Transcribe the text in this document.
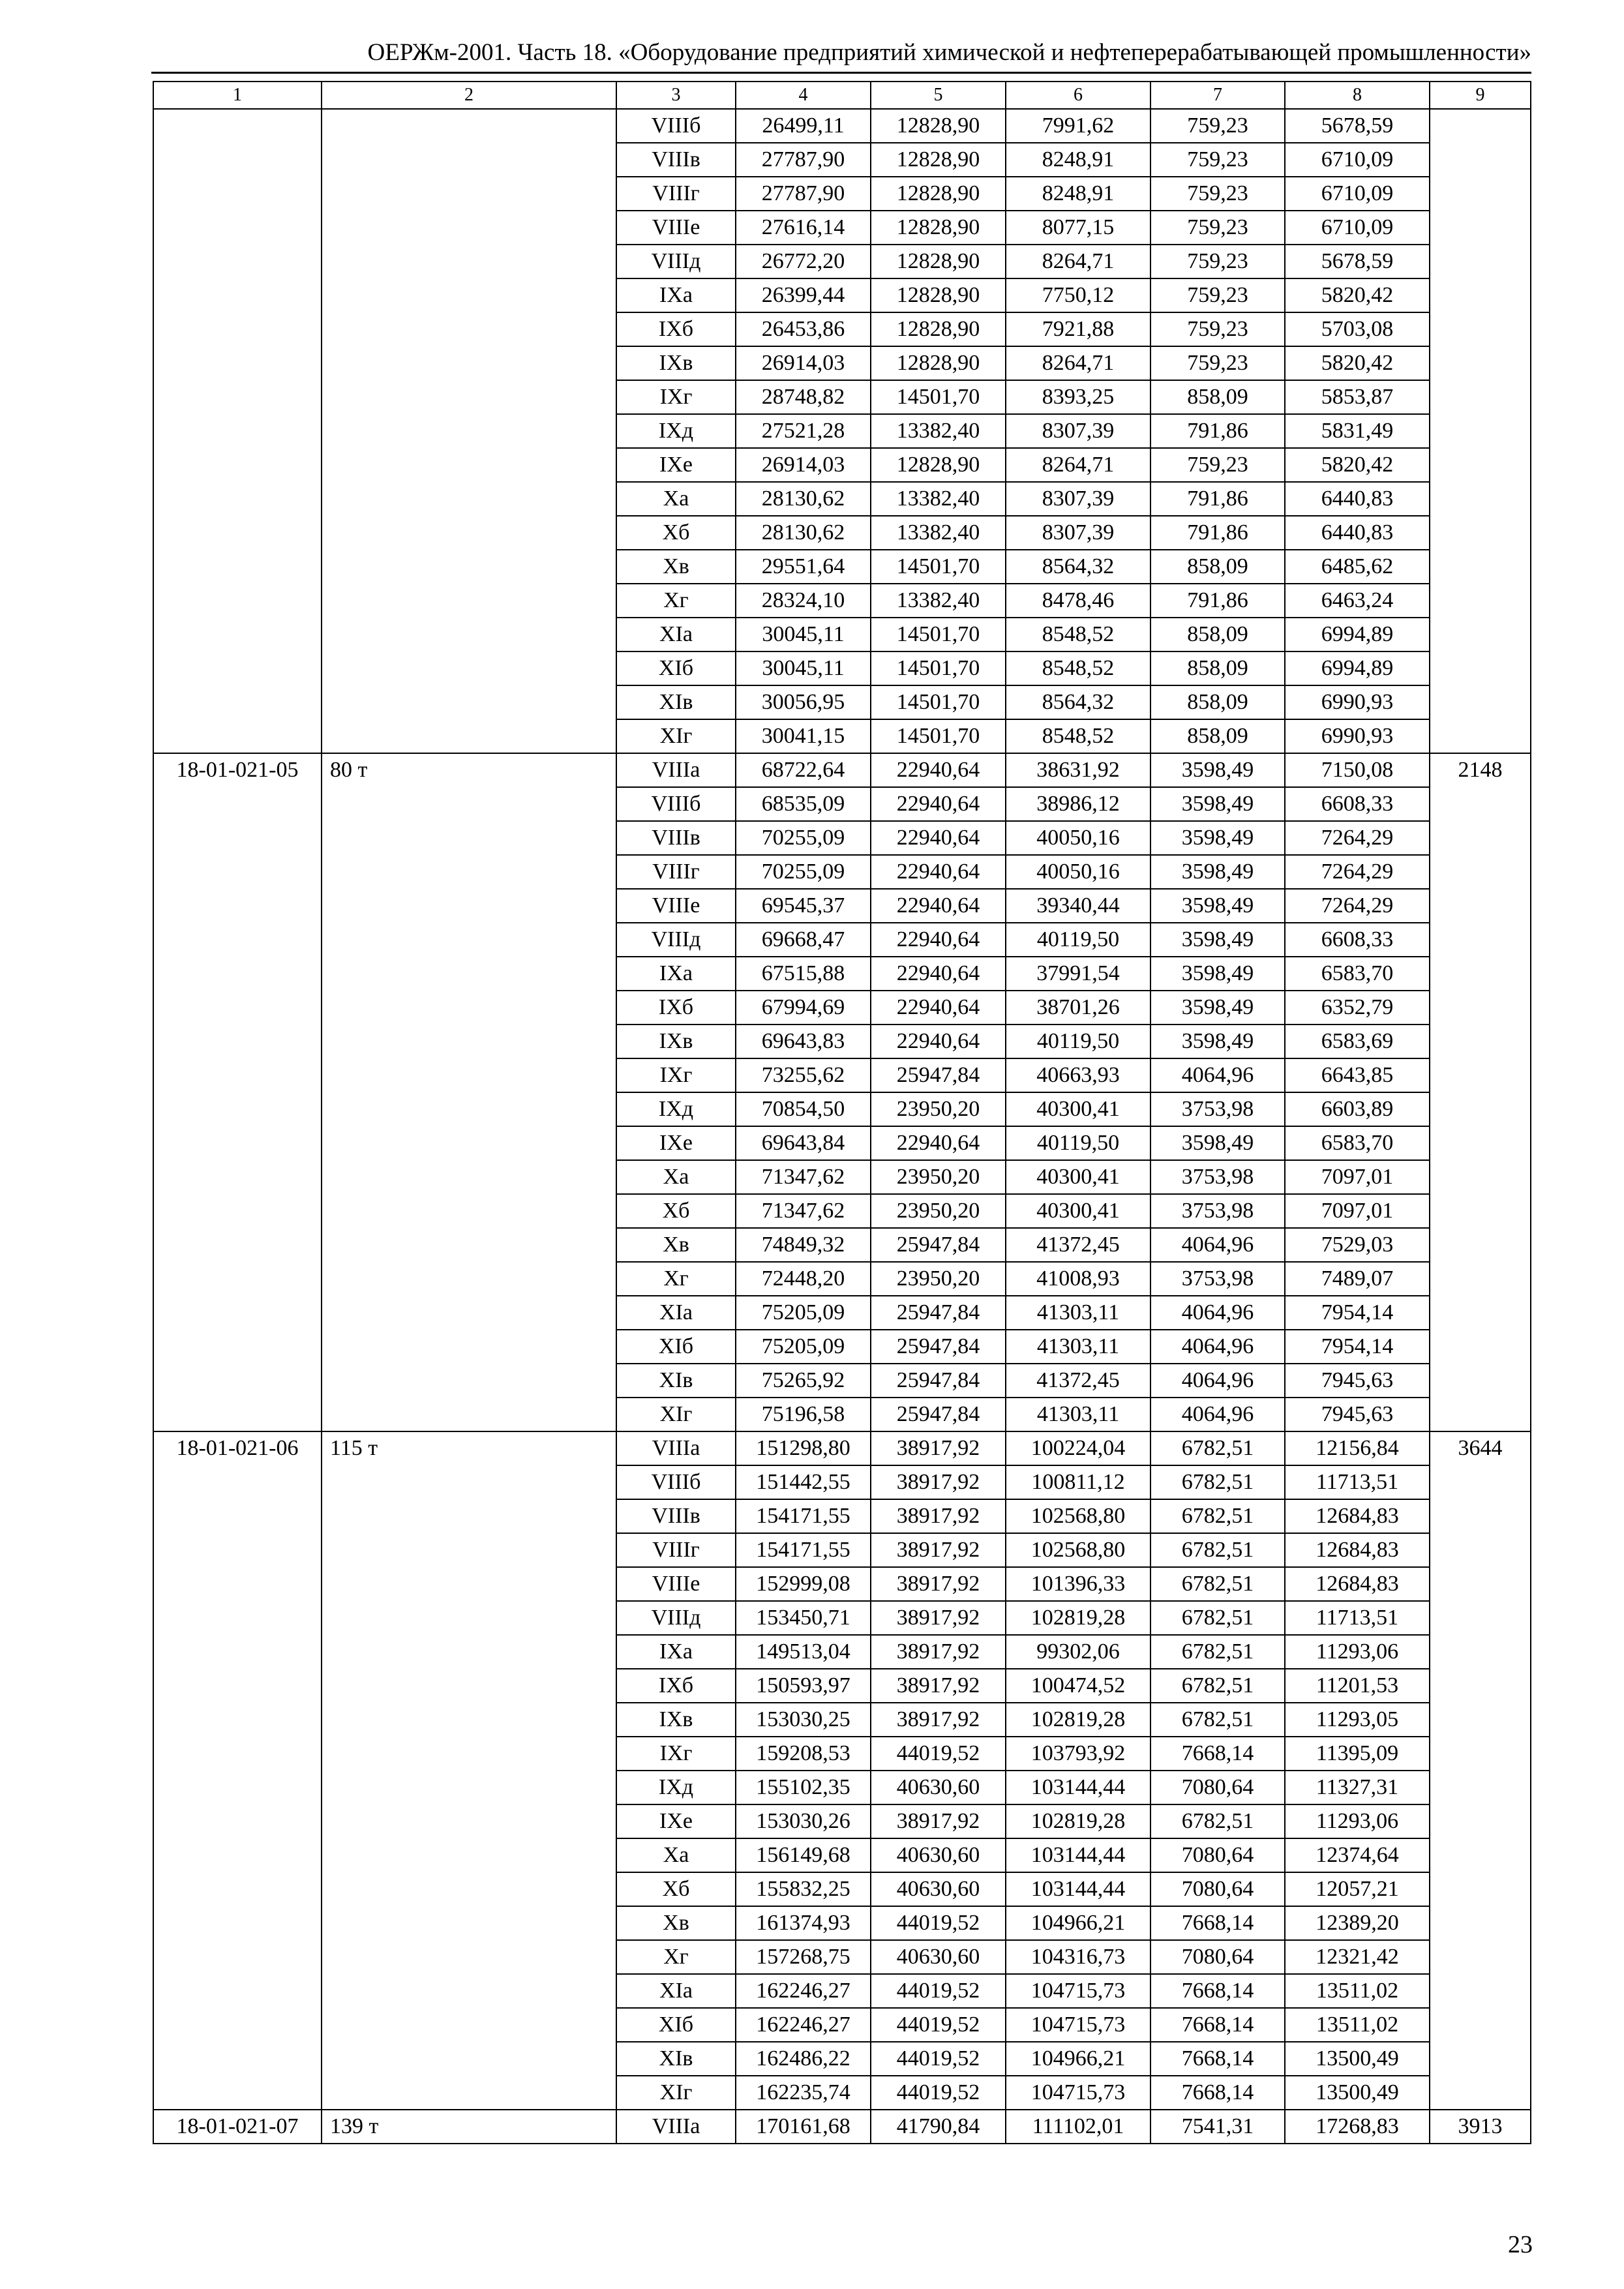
ОЕРЖм-2001. Часть 18. «Оборудование предприятий химической и нефтеперерабатывающей промышленности»
1	2	3	4	5	6	7	8	9
		VIIIб	26499,11	12828,90	7991,62	759,23	5678,59	
		VIIIв	27787,90	12828,90	8248,91	759,23	6710,09	
		VIIIг	27787,90	12828,90	8248,91	759,23	6710,09	
		VIIIе	27616,14	12828,90	8077,15	759,23	6710,09	
		VIIIд	26772,20	12828,90	8264,71	759,23	5678,59	
		IXа	26399,44	12828,90	7750,12	759,23	5820,42	
		IXб	26453,86	12828,90	7921,88	759,23	5703,08	
		IXв	26914,03	12828,90	8264,71	759,23	5820,42	
		IXг	28748,82	14501,70	8393,25	858,09	5853,87	
		IXд	27521,28	13382,40	8307,39	791,86	5831,49	
		IXе	26914,03	12828,90	8264,71	759,23	5820,42	
		Xа	28130,62	13382,40	8307,39	791,86	6440,83	
		Xб	28130,62	13382,40	8307,39	791,86	6440,83	
		Xв	29551,64	14501,70	8564,32	858,09	6485,62	
		Xг	28324,10	13382,40	8478,46	791,86	6463,24	
		XIа	30045,11	14501,70	8548,52	858,09	6994,89	
		XIб	30045,11	14501,70	8548,52	858,09	6994,89	
		XIв	30056,95	14501,70	8564,32	858,09	6990,93	
		XIг	30041,15	14501,70	8548,52	858,09	6990,93	
18-01-021-05	80 т	VIIIа	68722,64	22940,64	38631,92	3598,49	7150,08	2148
		VIIIб	68535,09	22940,64	38986,12	3598,49	6608,33	
		VIIIв	70255,09	22940,64	40050,16	3598,49	7264,29	
		VIIIг	70255,09	22940,64	40050,16	3598,49	7264,29	
		VIIIе	69545,37	22940,64	39340,44	3598,49	7264,29	
		VIIIд	69668,47	22940,64	40119,50	3598,49	6608,33	
		IXа	67515,88	22940,64	37991,54	3598,49	6583,70	
		IXб	67994,69	22940,64	38701,26	3598,49	6352,79	
		IXв	69643,83	22940,64	40119,50	3598,49	6583,69	
		IXг	73255,62	25947,84	40663,93	4064,96	6643,85	
		IXд	70854,50	23950,20	40300,41	3753,98	6603,89	
		IXе	69643,84	22940,64	40119,50	3598,49	6583,70	
		Xа	71347,62	23950,20	40300,41	3753,98	7097,01	
		Xб	71347,62	23950,20	40300,41	3753,98	7097,01	
		Xв	74849,32	25947,84	41372,45	4064,96	7529,03	
		Xг	72448,20	23950,20	41008,93	3753,98	7489,07	
		XIа	75205,09	25947,84	41303,11	4064,96	7954,14	
		XIб	75205,09	25947,84	41303,11	4064,96	7954,14	
		XIв	75265,92	25947,84	41372,45	4064,96	7945,63	
		XIг	75196,58	25947,84	41303,11	4064,96	7945,63	
18-01-021-06	115 т	VIIIа	151298,80	38917,92	100224,04	6782,51	12156,84	3644
		VIIIб	151442,55	38917,92	100811,12	6782,51	11713,51	
		VIIIв	154171,55	38917,92	102568,80	6782,51	12684,83	
		VIIIг	154171,55	38917,92	102568,80	6782,51	12684,83	
		VIIIе	152999,08	38917,92	101396,33	6782,51	12684,83	
		VIIIд	153450,71	38917,92	102819,28	6782,51	11713,51	
		IXа	149513,04	38917,92	99302,06	6782,51	11293,06	
		IXб	150593,97	38917,92	100474,52	6782,51	11201,53	
		IXв	153030,25	38917,92	102819,28	6782,51	11293,05	
		IXг	159208,53	44019,52	103793,92	7668,14	11395,09	
		IXд	155102,35	40630,60	103144,44	7080,64	11327,31	
		IXе	153030,26	38917,92	102819,28	6782,51	11293,06	
		Xа	156149,68	40630,60	103144,44	7080,64	12374,64	
		Xб	155832,25	40630,60	103144,44	7080,64	12057,21	
		Xв	161374,93	44019,52	104966,21	7668,14	12389,20	
		Xг	157268,75	40630,60	104316,73	7080,64	12321,42	
		XIа	162246,27	44019,52	104715,73	7668,14	13511,02	
		XIб	162246,27	44019,52	104715,73	7668,14	13511,02	
		XIв	162486,22	44019,52	104966,21	7668,14	13500,49	
		XIг	162235,74	44019,52	104715,73	7668,14	13500,49	
18-01-021-07	139 т	VIIIа	170161,68	41790,84	111102,01	7541,31	17268,83	3913
23
